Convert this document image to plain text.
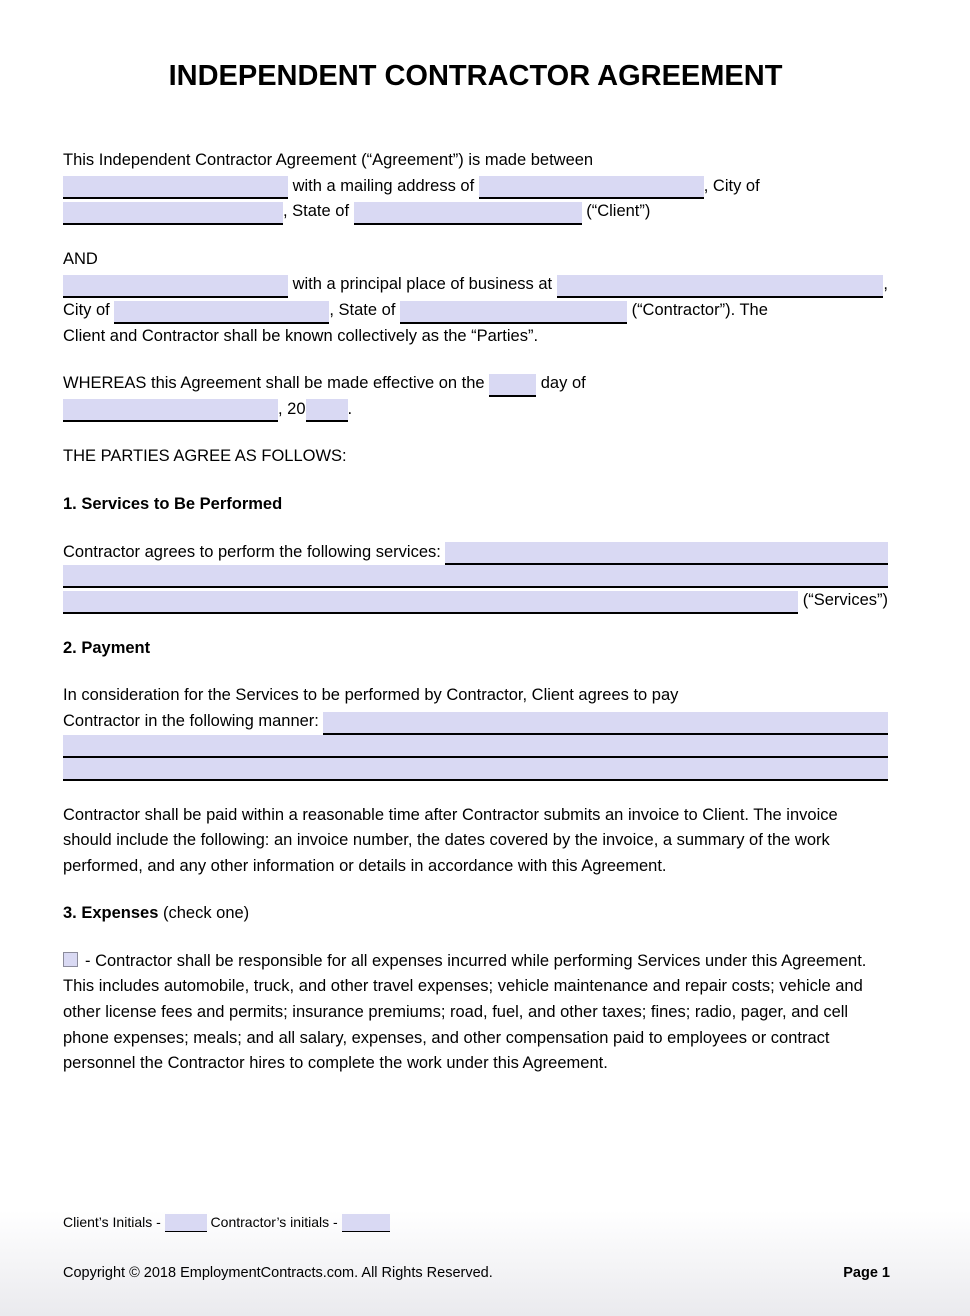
INDEPENDENT CONTRACTOR AGREEMENT
This Independent Contractor Agreement (“Agreement”) is made between
with a mailing address of	, City of
, State of	(“Client”)
AND
with a principal place of business at	,
City of	, State of	(“Contractor”). The
Client and Contractor shall be known collectively as the “Parties”.
WHEREAS this Agreement shall be made effective on the	day of
, 20	.
THE PARTIES AGREE AS FOLLOWS:
1. Services to Be Performed
Contractor agrees to perform the following services:
(“Services”)
2. Payment
In consideration for the Services to be performed by Contractor, Client agrees to pay
Contractor in the following manner:

Contractor shall be paid within a reasonable time after Contractor submits an invoice to Client. The invoice should include the following: an invoice number, the dates covered by the invoice, a summary of the work performed, and any other information or details in accordance with this Agreement.

3. Expenses (check one)

- Contractor shall be responsible for all expenses incurred while performing Services under this Agreement. This includes automobile, truck, and other travel expenses; vehicle maintenance and repair costs; vehicle and other license fees and permits; insurance premiums; road, fuel, and other taxes; fines; radio, pager, and cell phone expenses; meals; and all salary, expenses, and other compensation paid to employees or contract personnel the Contractor hires to complete the work under this Agreement.

Client’s Initials -	Contractor’s initials -
Copyright © 2018 EmploymentContracts.com. All Rights Reserved.	Page 1
